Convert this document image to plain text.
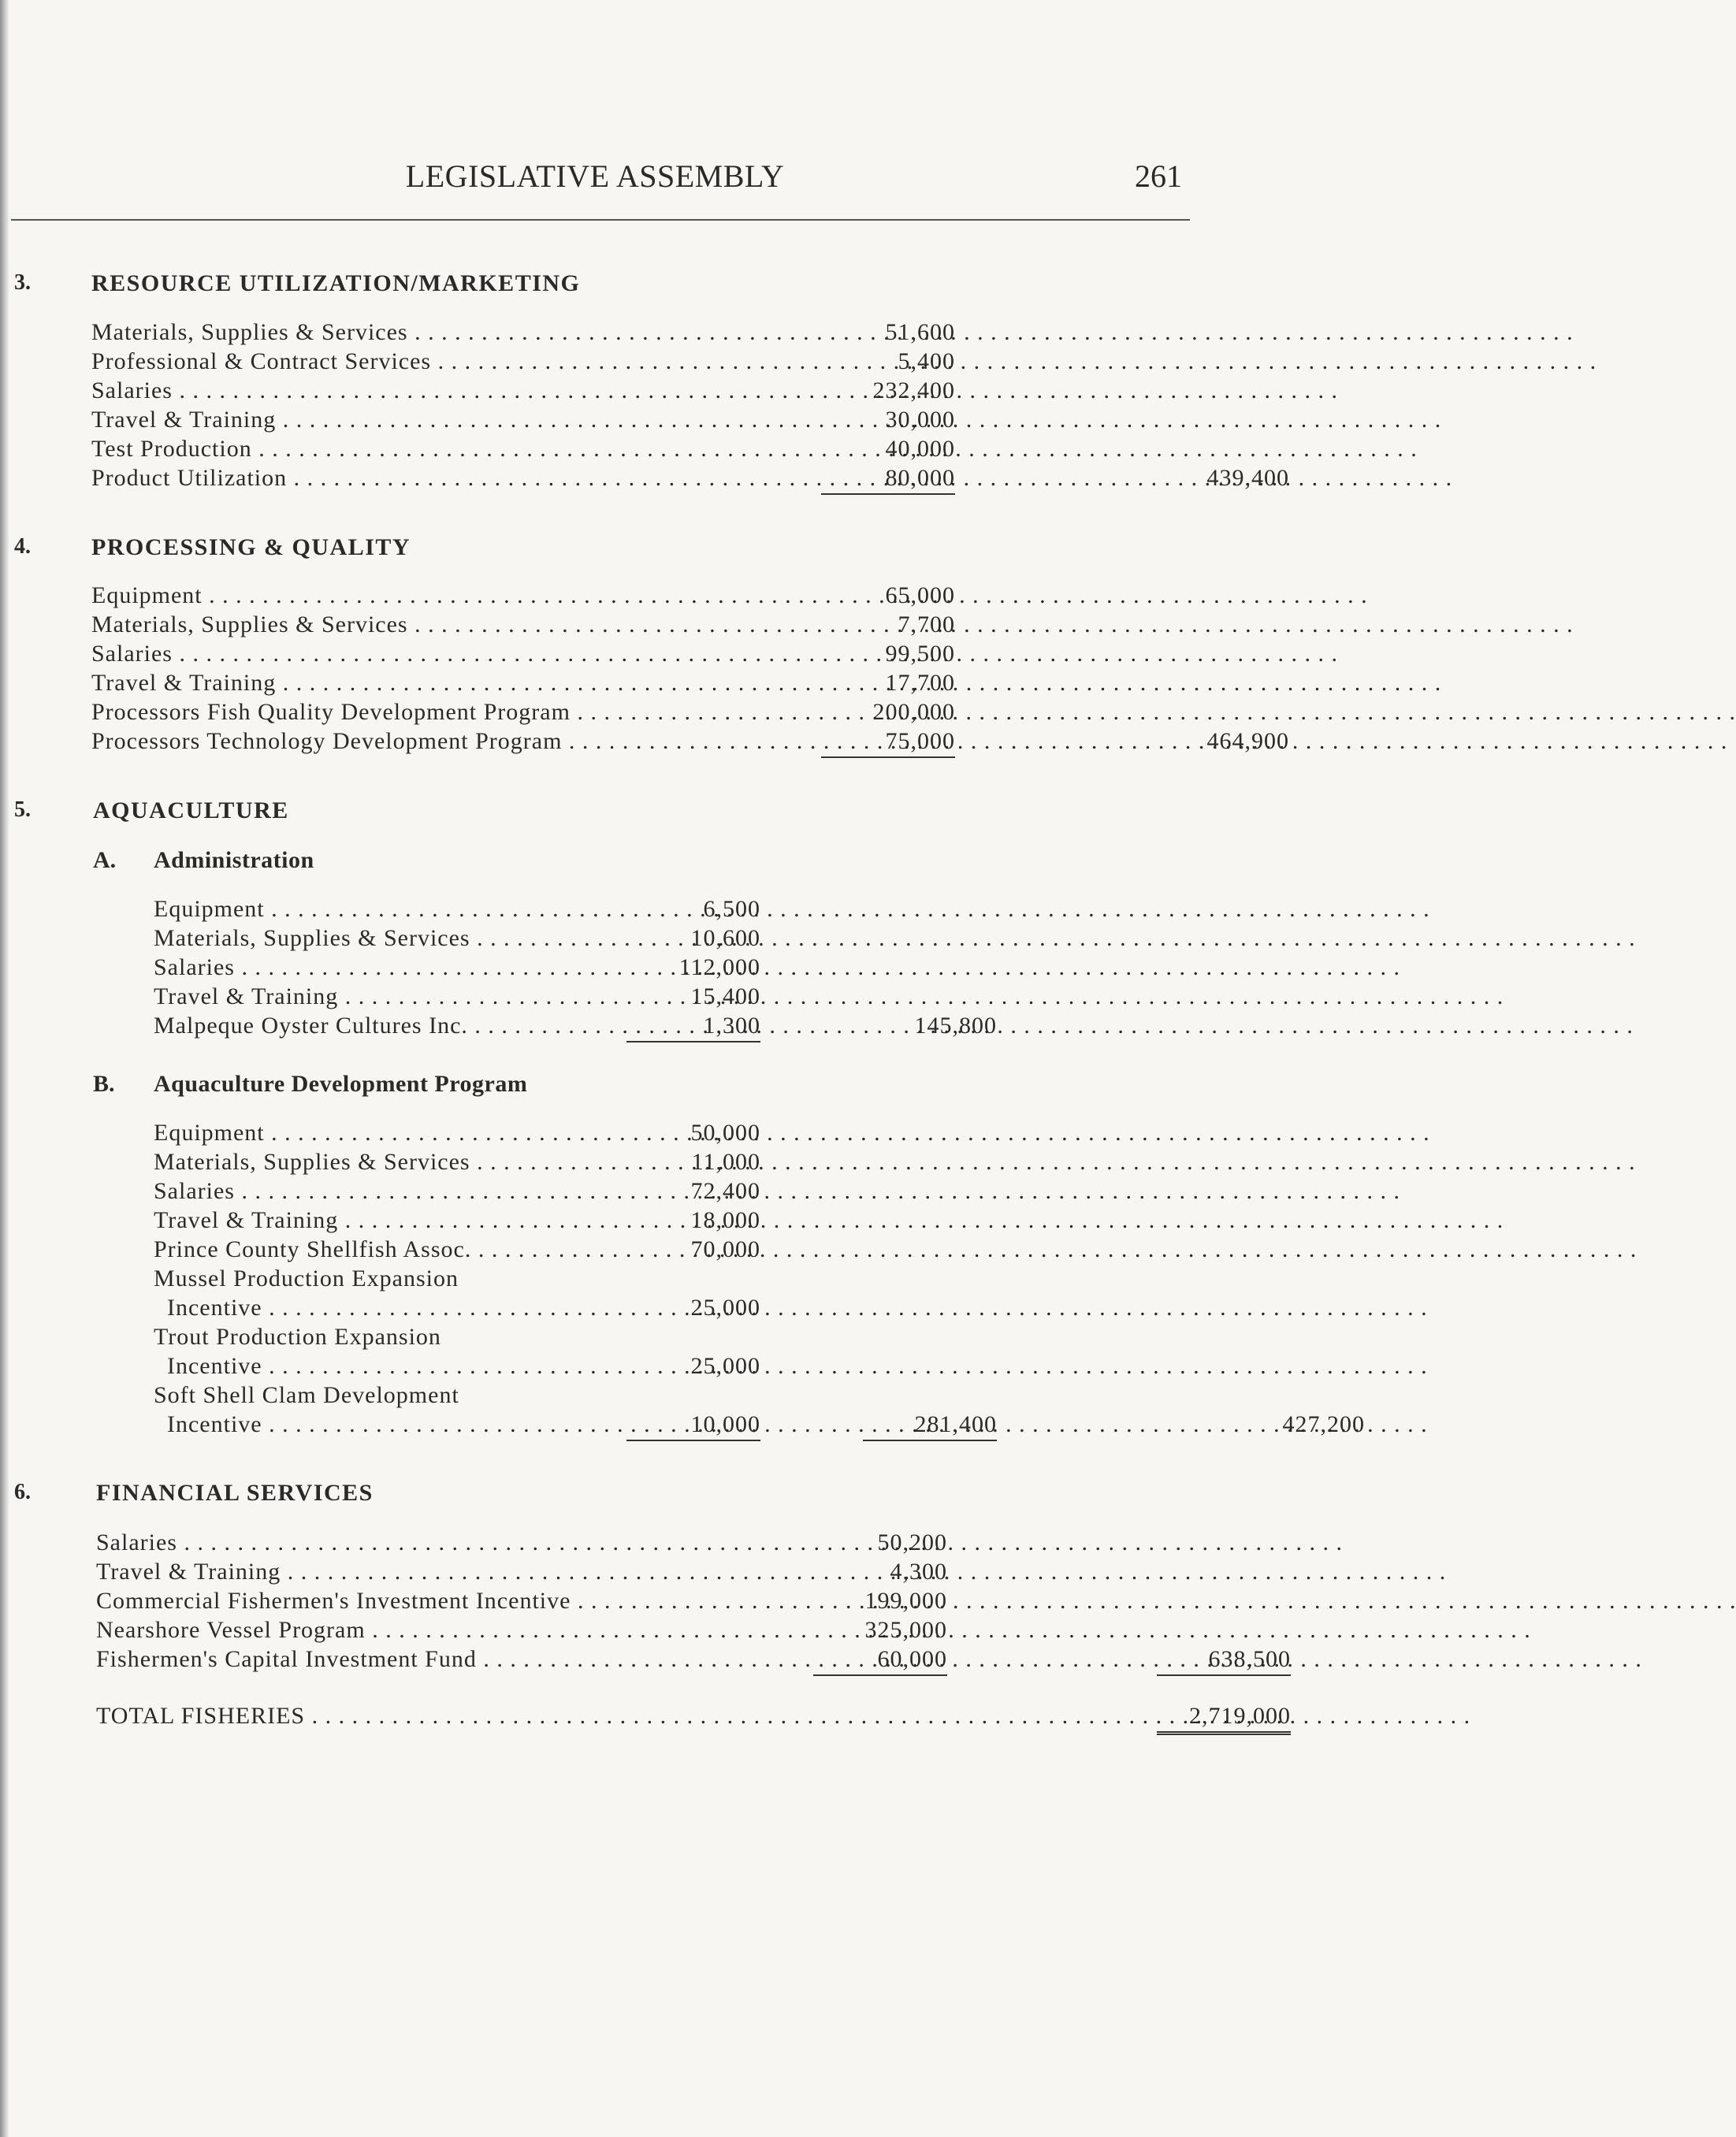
LEGISLATIVE ASSEMBLY	261
3.	RESOURCE UTILIZATION/MARKETING
Materials, Supplies & Services . . .	51,600
Professional & Contract Services . . .	5,400
Salaries . . .	232,400
Travel & Training . . .	30,000
Test Production . . .	40,000
Product Utilization . . .	80,000	439,400
4.	PROCESSING & QUALITY
Equipment . . .	65,000
Materials, Supplies & Services . . .	7,700
Salaries . . .	99,500
Travel & Training . . .	17,700
Processors Fish Quality Development Program . . .	200,000
Processors Technology Development Program . . .	75,000	464,900
5.	AQUACULTURE
A. Administration
Equipment . . .	6,500
Materials, Supplies & Services . . .	10,600
Salaries . . .	112,000
Travel & Training . . .	15,400
Malpeque Oyster Cultures Inc. . . .	1,300	145,800
B. Aquaculture Development Program
Equipment . . .	50,000
Materials, Supplies & Services . . .	11,000
Salaries . . .	72,400
Travel & Training . . .	18,000
Prince County Shellfish Assoc. . . .	70,000
Mussel Production Expansion
Incentive . . .	25,000
Trout Production Expansion
Incentive . . .	25,000
Soft Shell Clam Development
Incentive . . .	10,000	281,400	427,200
6.	FINANCIAL SERVICES
Salaries . . .	50,200
Travel & Training . . .	4,300
Commercial Fishermen's Investment Incentive . . .	199,000
Nearshore Vessel Program . . .	325,000
Fishermen's Capital Investment Fund . . .	60,000	638,500
TOTAL FISHERIES . . .	2,719,000
